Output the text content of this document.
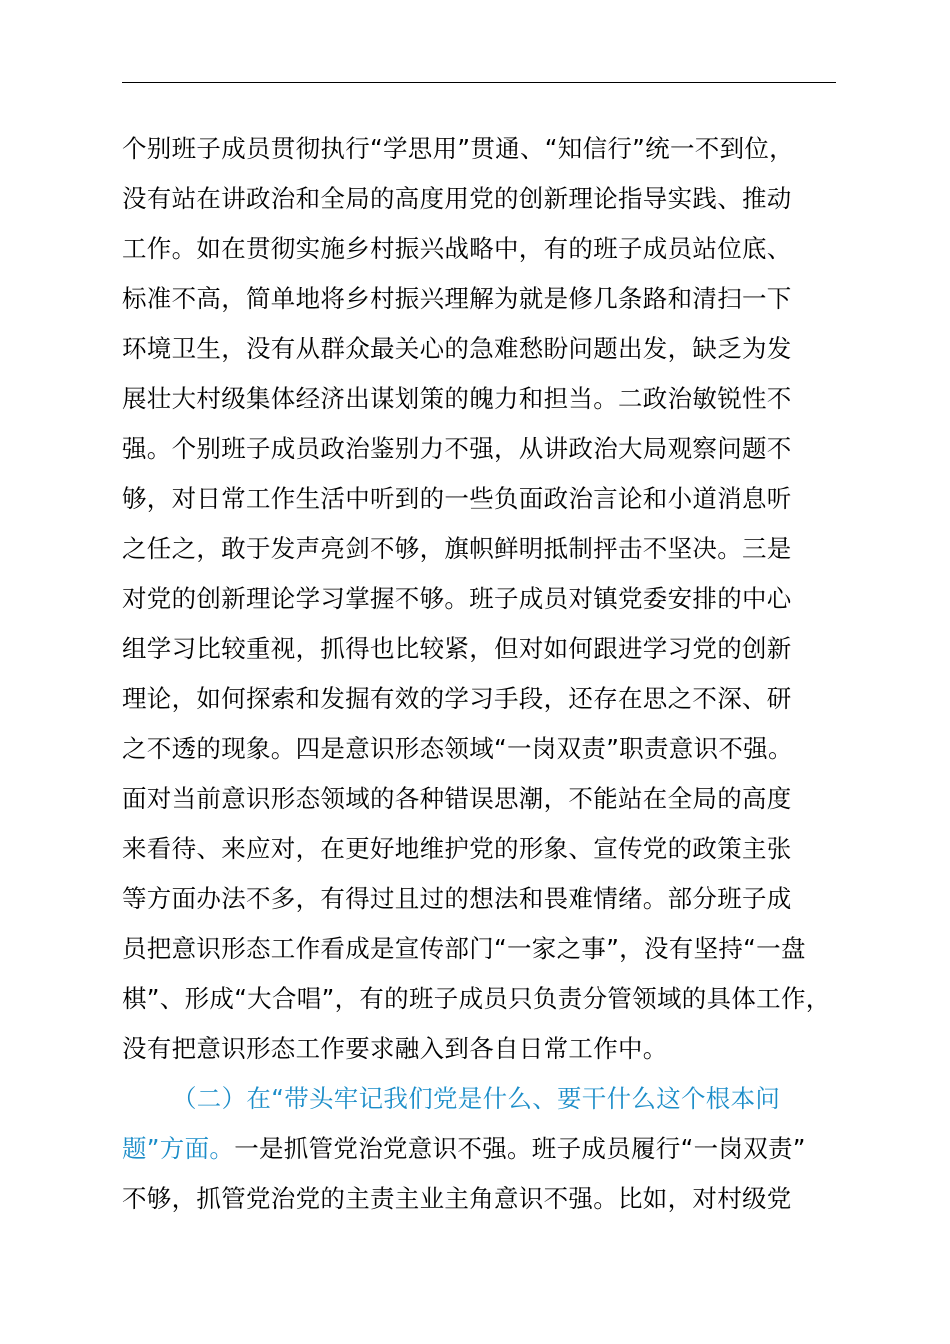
个别班子成员贯彻执行“学思用”贯通、“知信行”统一不到位，
没有站在讲政治和全局的高度用党的创新理论指导实践、推动
工作。如在贯彻实施乡村振兴战略中，有的班子成员站位底、
标准不高，简单地将乡村振兴理解为就是修几条路和清扫一下
环境卫生，没有从群众最关心的急难愁盼问题出发，缺乏为发
展壮大村级集体经济出谋划策的魄力和担当。二政治敏锐性不
强。个别班子成员政治鉴别力不强，从讲政治大局观察问题不
够，对日常工作生活中听到的一些负面政治言论和小道消息听
之任之，敢于发声亮剑不够，旗帜鲜明抵制抨击不坚决。三是
对党的创新理论学习掌握不够。班子成员对镇党委安排的中心
组学习比较重视，抓得也比较紧，但对如何跟进学习党的创新
理论，如何探索和发掘有效的学习手段，还存在思之不深、研
之不透的现象。四是意识形态领域“一岗双责”职责意识不强。
面对当前意识形态领域的各种错误思潮，不能站在全局的高度
来看待、来应对，在更好地维护党的形象、宣传党的政策主张
等方面办法不多，有得过且过的想法和畏难情绪。部分班子成
员把意识形态工作看成是宣传部门“一家之事”，没有坚持“一盘
棋”、形成“大合唱”，有的班子成员只负责分管领域的具体工作，
没有把意识形态工作要求融入到各自日常工作中。
（二）在“带头牢记我们党是什么、要干什么这个根本问
题”方面。一是抓管党治党意识不强。班子成员履行“一岗双责”
不够，抓管党治党的主责主业主角意识不强。比如，对村级党
